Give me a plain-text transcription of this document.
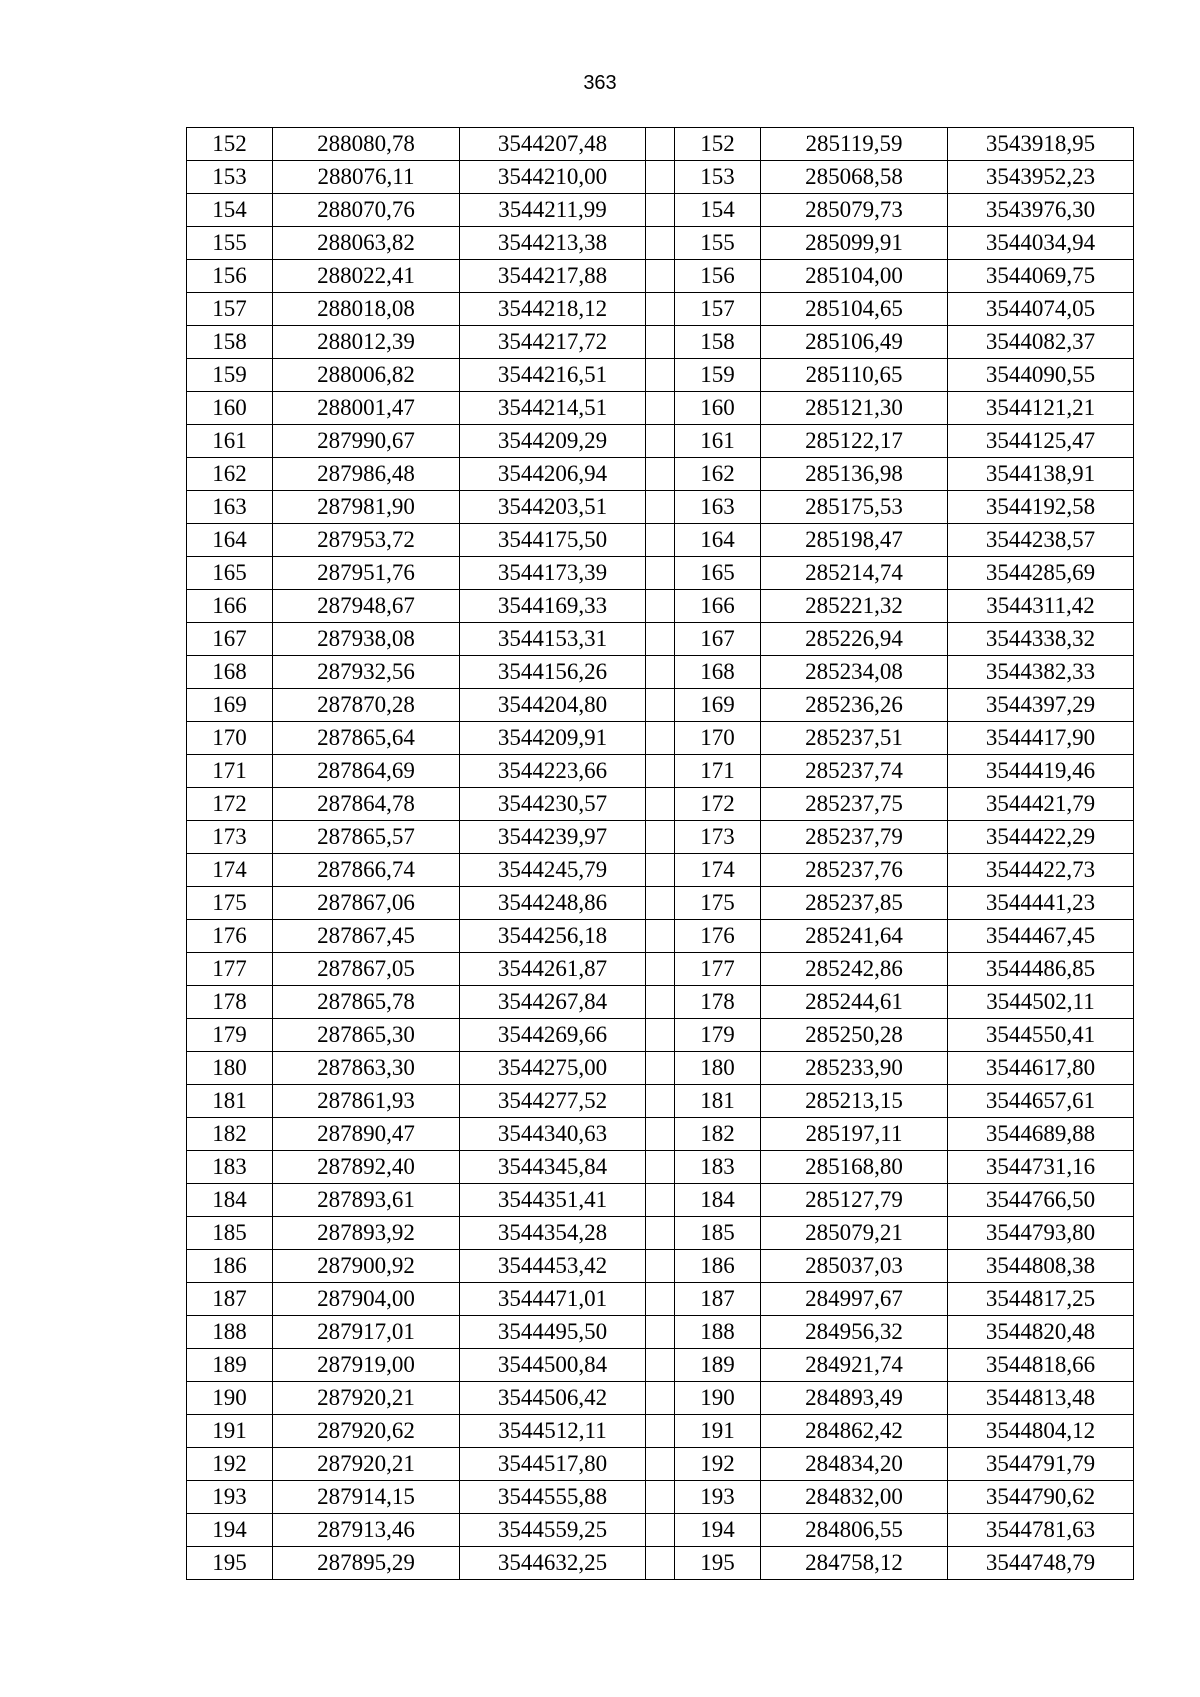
363
152	288080,78	3544207,48		152	285119,59	3543918,95
153	288076,11	3544210,00		153	285068,58	3543952,23
154	288070,76	3544211,99		154	285079,73	3543976,30
155	288063,82	3544213,38		155	285099,91	3544034,94
156	288022,41	3544217,88		156	285104,00	3544069,75
157	288018,08	3544218,12		157	285104,65	3544074,05
158	288012,39	3544217,72		158	285106,49	3544082,37
159	288006,82	3544216,51		159	285110,65	3544090,55
160	288001,47	3544214,51		160	285121,30	3544121,21
161	287990,67	3544209,29		161	285122,17	3544125,47
162	287986,48	3544206,94		162	285136,98	3544138,91
163	287981,90	3544203,51		163	285175,53	3544192,58
164	287953,72	3544175,50		164	285198,47	3544238,57
165	287951,76	3544173,39		165	285214,74	3544285,69
166	287948,67	3544169,33		166	285221,32	3544311,42
167	287938,08	3544153,31		167	285226,94	3544338,32
168	287932,56	3544156,26		168	285234,08	3544382,33
169	287870,28	3544204,80		169	285236,26	3544397,29
170	287865,64	3544209,91		170	285237,51	3544417,90
171	287864,69	3544223,66		171	285237,74	3544419,46
172	287864,78	3544230,57		172	285237,75	3544421,79
173	287865,57	3544239,97		173	285237,79	3544422,29
174	287866,74	3544245,79		174	285237,76	3544422,73
175	287867,06	3544248,86		175	285237,85	3544441,23
176	287867,45	3544256,18		176	285241,64	3544467,45
177	287867,05	3544261,87		177	285242,86	3544486,85
178	287865,78	3544267,84		178	285244,61	3544502,11
179	287865,30	3544269,66		179	285250,28	3544550,41
180	287863,30	3544275,00		180	285233,90	3544617,80
181	287861,93	3544277,52		181	285213,15	3544657,61
182	287890,47	3544340,63		182	285197,11	3544689,88
183	287892,40	3544345,84		183	285168,80	3544731,16
184	287893,61	3544351,41		184	285127,79	3544766,50
185	287893,92	3544354,28		185	285079,21	3544793,80
186	287900,92	3544453,42		186	285037,03	3544808,38
187	287904,00	3544471,01		187	284997,67	3544817,25
188	287917,01	3544495,50		188	284956,32	3544820,48
189	287919,00	3544500,84		189	284921,74	3544818,66
190	287920,21	3544506,42		190	284893,49	3544813,48
191	287920,62	3544512,11		191	284862,42	3544804,12
192	287920,21	3544517,80		192	284834,20	3544791,79
193	287914,15	3544555,88		193	284832,00	3544790,62
194	287913,46	3544559,25		194	284806,55	3544781,63
195	287895,29	3544632,25		195	284758,12	3544748,79
